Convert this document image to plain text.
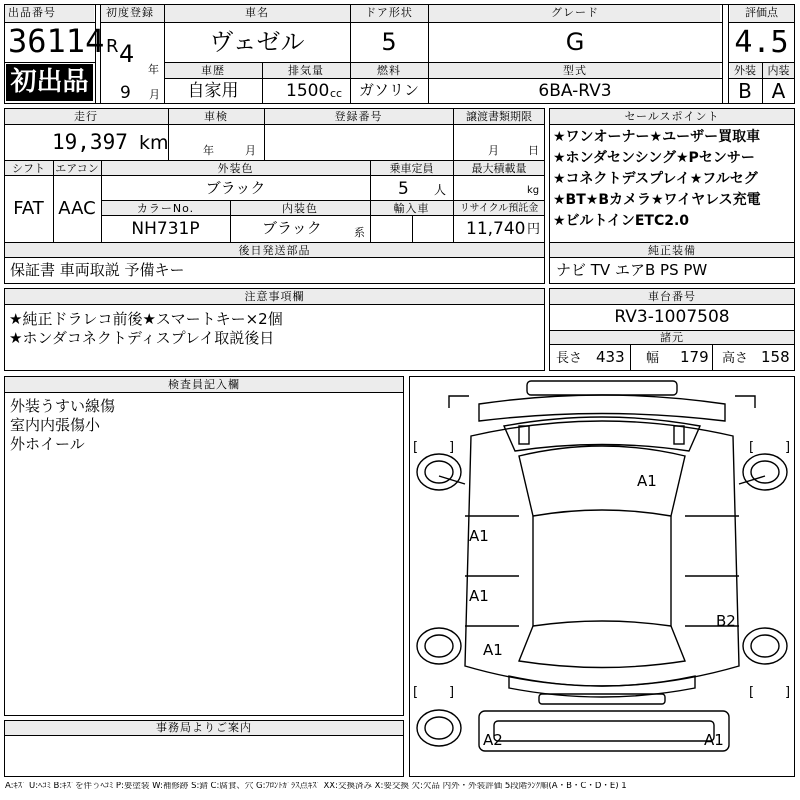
出品番号
36114
初出品
初度登録
R 4
年
9 月
車名
ヴェゼル
ドア形状
5
グレード
G
評価点
4.5
車歴
自家用
排気量
1500 cc
燃料
ガソリン
型式
6BA-RV3
外装	内装
B A
走行
19,397 km
車検
年	月
登録番号	譲渡書類期限
月	日
シフト
FAT
エアコン
AAC
外装色
ブラック
乗車定員
5 人
最大積載量
kg
カラーNo.
NH731P
内装色
ブラック	系
輸入車	リサイクル預託金
11,740 円
後日発送部品
保証書 車両取説 予備キー
セールスポイント
★ワンオーナー★ユーザー買取車
★ホンダセンシング★Pセンサー
★コネクトデスプレイ★フルセグ
★BT★Bカメラ★ワイヤレス充電
★ビルトインETC2.0
純正装備
ナビ TV エアB PS PW
注意事項欄
★純正ドラレコ前後★スマートキー×2個
★ホンダコネクトディスプレイ取説後日
車台番号
RV3-1007508
諸元
長さ 433 幅 179 高さ 158
検査員記入欄
外装うすい線傷
室内内張傷小
外ホイール
事務局よりご案内
[ ]	[ ]
[ ]	[ ]
A1
A1
A1
A1
B2
A2	A1
A:ｷｽﾞ U:ﾍｺﾐ B:ｷｽﾞを伴うﾍｺﾐ P:要塗装 W:補修跡 S:錆 C:腐食、穴 G:ﾌﾛﾝﾄｶﾞﾗｽ点ｷｽﾞ XX:交換済み X:要交換 欠:欠品 内外・外装評価 5段階ﾗﾝｸ順(A・B・C・D・E) 1
